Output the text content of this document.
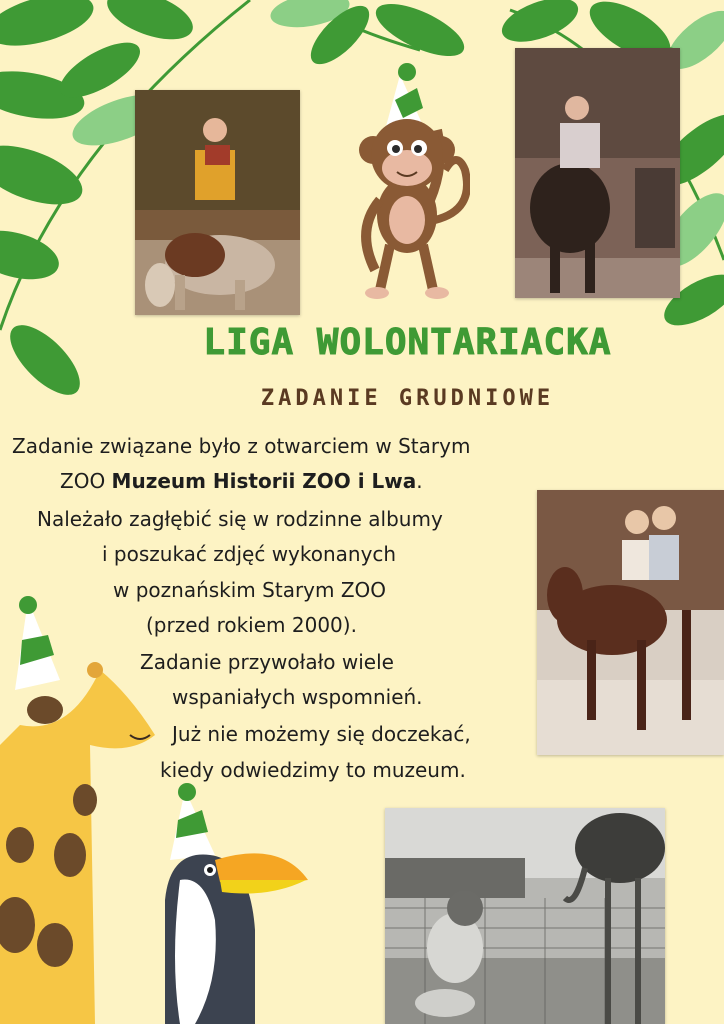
LIGA WOLONTARIACKA
ZADANIE GRUDNIOWE
Zadanie związane było z otwarciem w Starym
ZOO Muzeum Historii ZOO i Lwa.
Należało zagłębić się w rodzinne albumy
i poszukać zdjęć wykonanych
w poznańskim Starym ZOO
(przed rokiem 2000).
Zadanie przywołało wiele
wspaniałych wspomnień.
Już nie możemy się doczekać,
kiedy odwiedzimy to muzeum.
